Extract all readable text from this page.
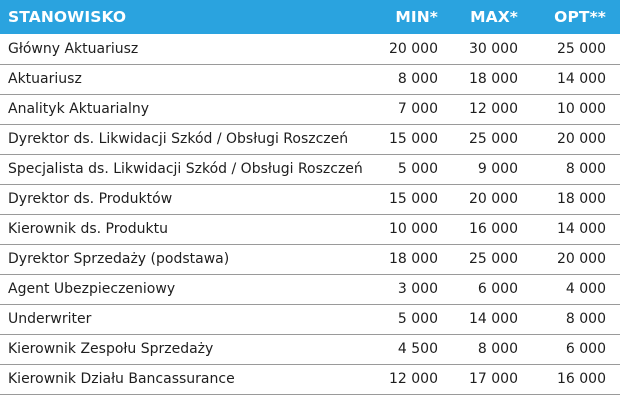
STANOWISKO	MIN*	MAX*	OPT**
Główny Aktuariusz	20 000	30 000	25 000
Aktuariusz	8 000	18 000	14 000
Analityk Aktuarialny	7 000	12 000	10 000
Dyrektor ds. Likwidacji Szkód / Obsługi Roszczeń	15 000	25 000	20 000
Specjalista ds. Likwidacji Szkód / Obsługi Roszczeń	5 000	9 000	8 000
Dyrektor ds. Produktów	15 000	20 000	18 000
Kierownik ds. Produktu	10 000	16 000	14 000
Dyrektor Sprzedaży (podstawa)	18 000	25 000	20 000
Agent Ubezpieczeniowy	3 000	6 000	4 000
Underwriter	5 000	14 000	8 000
Kierownik Zespołu Sprzedaży	4 500	8 000	6 000
Kierownik Działu Bancassurance	12 000	17 000	16 000
